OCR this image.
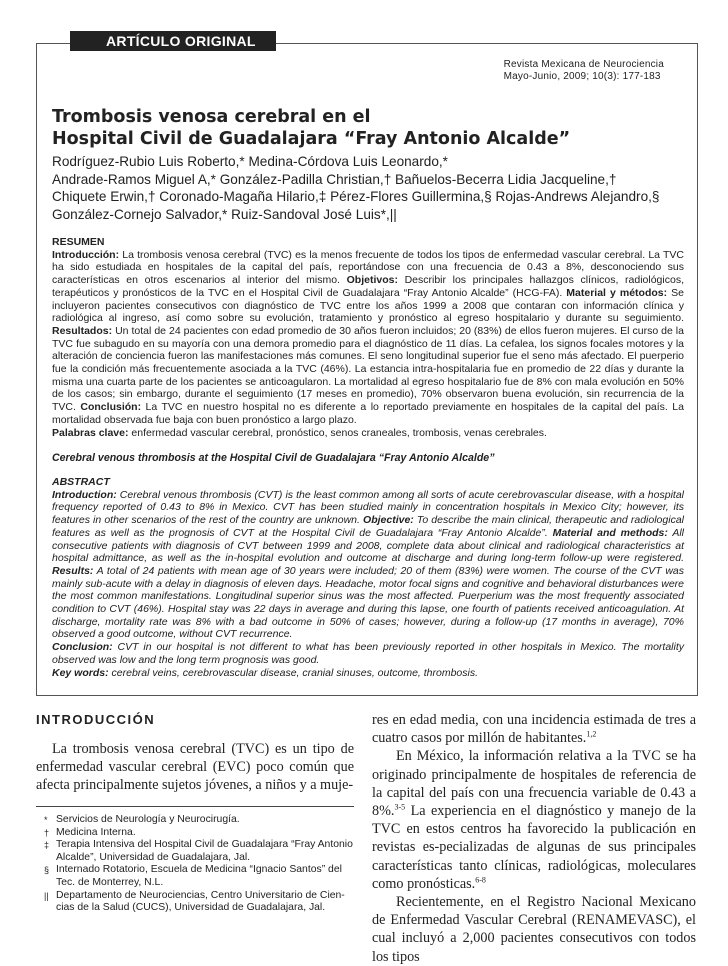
ARTÍCULO ORIGINAL
Revista Mexicana de Neurociencia
Mayo-Junio, 2009; 10(3): 177-183
Trombosis venosa cerebral en el
Hospital Civil de Guadalajara “Fray Antonio Alcalde”
Rodríguez-Rubio Luis Roberto,* Medina-Córdova Luis Leonardo,*
Andrade-Ramos Miguel A,* González-Padilla Christian,† Bañuelos-Becerra Lidia Jacqueline,†
Chiquete Erwin,† Coronado-Magaña Hilario,‡ Pérez-Flores Guillermina,§ Rojas-Andrews Alejandro,§
González-Cornejo Salvador,* Ruiz-Sandoval José Luis*,||
RESUMEN
Introducción: La trombosis venosa cerebral (TVC) es la menos frecuente de todos los tipos de enfermedad vascular cerebral. La TVC ha sido estudiada en hospitales de la capital del país, reportándose con una frecuencia de 0.43 a 8%, desconociendo sus características en otros escenarios al interior del mismo. Objetivos: Describir los principales hallazgos clínicos, radiológicos, terapéuticos y pronósticos de la TVC en el Hospital Civil de Guadalajara “Fray Antonio Alcalde” (HCG-FA). Material y métodos: Se incluyeron pacientes consecutivos con diagnóstico de TVC entre los años 1999 a 2008 que contaran con información clínica y radiológica al ingreso, así como sobre su evolución, tratamiento y pronóstico al egreso hospitalario y durante su seguimiento. Resultados: Un total de 24 pacientes con edad promedio de 30 años fueron incluidos; 20 (83%) de ellos fueron mujeres. El curso de la TVC fue subagudo en su mayoría con una demora promedio para el diagnóstico de 11 días. La cefalea, los signos focales motores y la alteración de conciencia fueron las manifestaciones más comunes. El seno longitudinal superior fue el seno más afectado. El puerperio fue la condición más frecuentemente asociada a la TVC (46%). La estancia intra-hospitalaria fue en promedio de 22 días y durante la misma una cuarta parte de los pacientes se anticoagularon. La mortalidad al egreso hospitalario fue de 8% con mala evolución en 50% de los casos; sin embargo, durante el seguimiento (17 meses en promedio), 70% observaron buena evolución, sin recurrencia de la TVC. Conclusión: La TVC en nuestro hospital no es diferente a lo reportado previamente en hospitales de la capital del país. La mortalidad observada fue baja con buen pronóstico a largo plazo.
Palabras clave: enfermedad vascular cerebral, pronóstico, senos craneales, trombosis, venas cerebrales.
Cerebral venous thrombosis at the Hospital Civil de Guadalajara “Fray Antonio Alcalde”
ABSTRACT
Introduction: Cerebral venous thrombosis (CVT) is the least common among all sorts of acute cerebrovascular disease, with a hospital frequency reported of 0.43 to 8% in Mexico. CVT has been studied mainly in concentration hospitals in Mexico City; however, its features in other scenarios of the rest of the country are unknown. Objective: To describe the main clinical, therapeutic and radiological features as well as the prognosis of CVT at the Hospital Civil de Guadalajara “Fray Antonio Alcalde”. Material and methods: All consecutive patients with diagnosis of CVT between 1999 and 2008, complete data about clinical and radiological characteristics at hospital admittance, as well as the in-hospital evolution and outcome at discharge and during long-term follow-up were registered. Results: A total of 24 patients with mean age of 30 years were included; 20 of them (83%) were women. The course of the CVT was mainly sub-acute with a delay in diagnosis of eleven days. Headache, motor focal signs and cognitive and behavioral disturbances were the most common manifestations. Longitudinal superior sinus was the most affected. Puerperium was the most frequently associated condition to CVT (46%). Hospital stay was 22 days in average and during this lapse, one fourth of patients received anticoagulation. At discharge, mortality rate was 8% with a bad outcome in 50% of cases; however, during a follow-up (17 months in average), 70% observed a good outcome, without CVT recurrence.
Conclusion: CVT in our hospital is not different to what has been previously reported in other hospitals in Mexico. The mortality observed was low and the long term prognosis was good.
Key words: cerebral veins, cerebrovascular disease, cranial sinuses, outcome, thrombosis.
INTRODUCCIÓN
La trombosis venosa cerebral (TVC) es un tipo de enfermedad vascular cerebral (EVC) poco común que afecta principalmente sujetos jóvenes, a niños y a muje-
* Servicios de Neurología y Neurocirugía.
† Medicina Interna.
‡ Terapia Intensiva del Hospital Civil de Guadalajara “Fray Antonio Alcalde”, Universidad de Guadalajara, Jal.
§ Internado Rotatorio, Escuela de Medicina “Ignacio Santos” del Tec. de Monterrey, N.L.
|| Departamento de Neurociencias, Centro Universitario de Cien-cias de la Salud (CUCS), Universidad de Guadalajara, Jal.
res en edad media, con una incidencia estimada de tres a cuatro casos por millón de habitantes.$^{1,2}$
En México, la información relativa a la TVC se ha originado principalmente de hospitales de referencia de la capital del país con una frecuencia variable de 0.43 a 8%.$^{3-5}$ La experiencia en el diagnóstico y manejo de la TVC en estos centros ha favorecido la publicación en revistas es-pecializadas de algunas de sus principales características tanto clínicas, radiológicas, moleculares como pronósticas.$^{6-8}$
Recientemente, en el Registro Nacional Mexicano de Enfermedad Vascular Cerebral (RENAMEVASC), el cual incluyó a 2,000 pacientes consecutivos con todos los tipos
